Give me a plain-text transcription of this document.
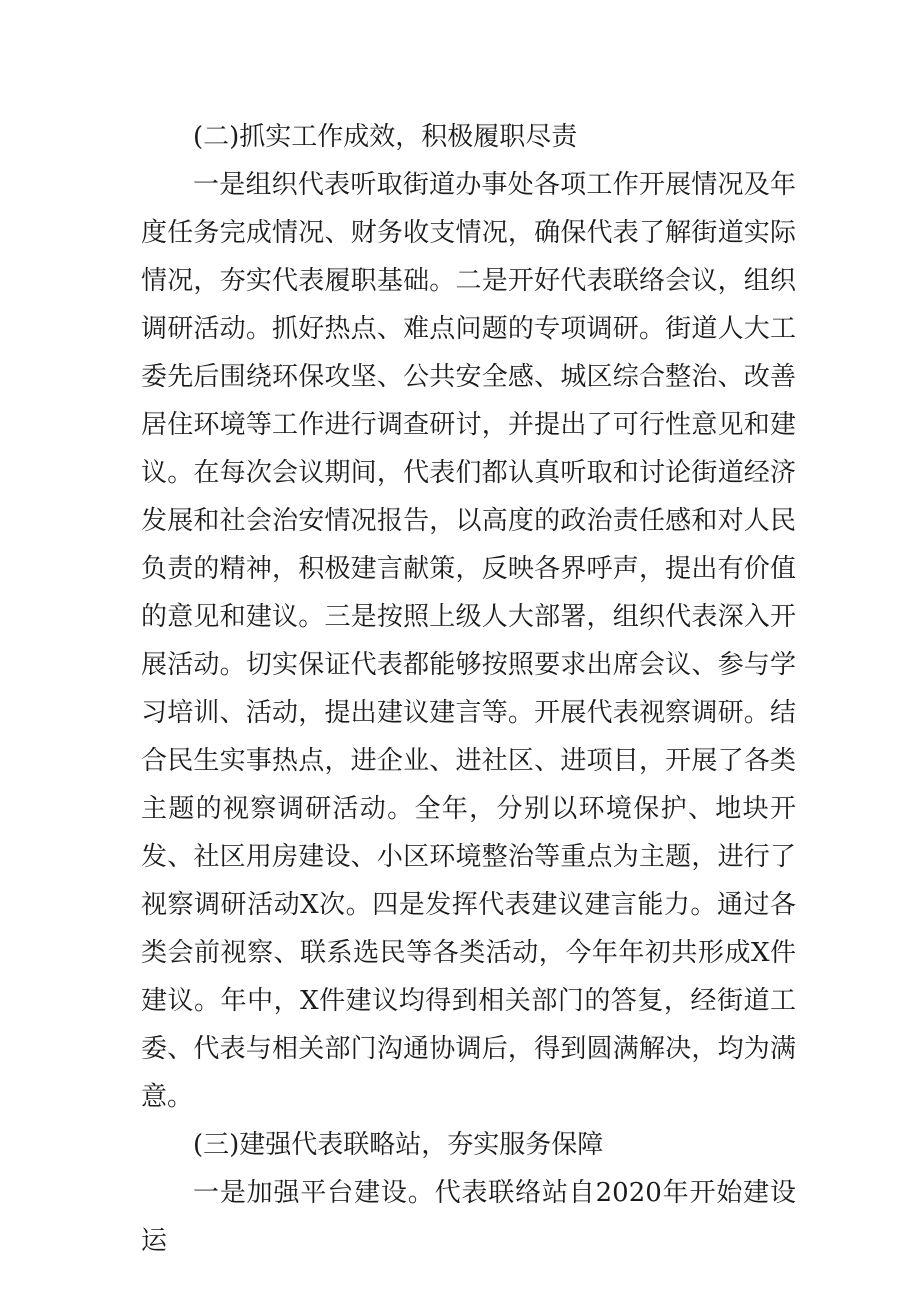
(二)抓实工作成效，积极履职尽责

一是组织代表听取街道办事处各项工作开展情况及年度任务完成情况、财务收支情况，确保代表了解街道实际情况，夯实代表履职基础。二是开好代表联络会议，组织调研活动。抓好热点、难点问题的专项调研。街道人大工委先后围绕环保攻坚、公共安全感、城区综合整治、改善居住环境等工作进行调查研讨，并提出了可行性意见和建议。在每次会议期间，代表们都认真听取和讨论街道经济发展和社会治安情况报告，以高度的政治责任感和对人民负责的精神，积极建言献策，反映各界呼声，提出有价值的意见和建议。三是按照上级人大部署，组织代表深入开展活动。切实保证代表都能够按照要求出席会议、参与学习培训、活动，提出建议建言等。开展代表视察调研。结合民生实事热点，进企业、进社区、进项目，开展了各类主题的视察调研活动。全年，分别以环境保护、地块开发、社区用房建设、小区环境整治等重点为主题，进行了视察调研活动X次。四是发挥代表建议建言能力。通过各类会前视察、联系选民等各类活动，今年年初共形成X件建议。年中，X件建议均得到相关部门的答复，经街道工委、代表与相关部门沟通协调后，得到圆满解决，均为满意。

(三)建强代表联略站，夯实服务保障

一是加强平台建设。代表联络站自2020年开始建设运
